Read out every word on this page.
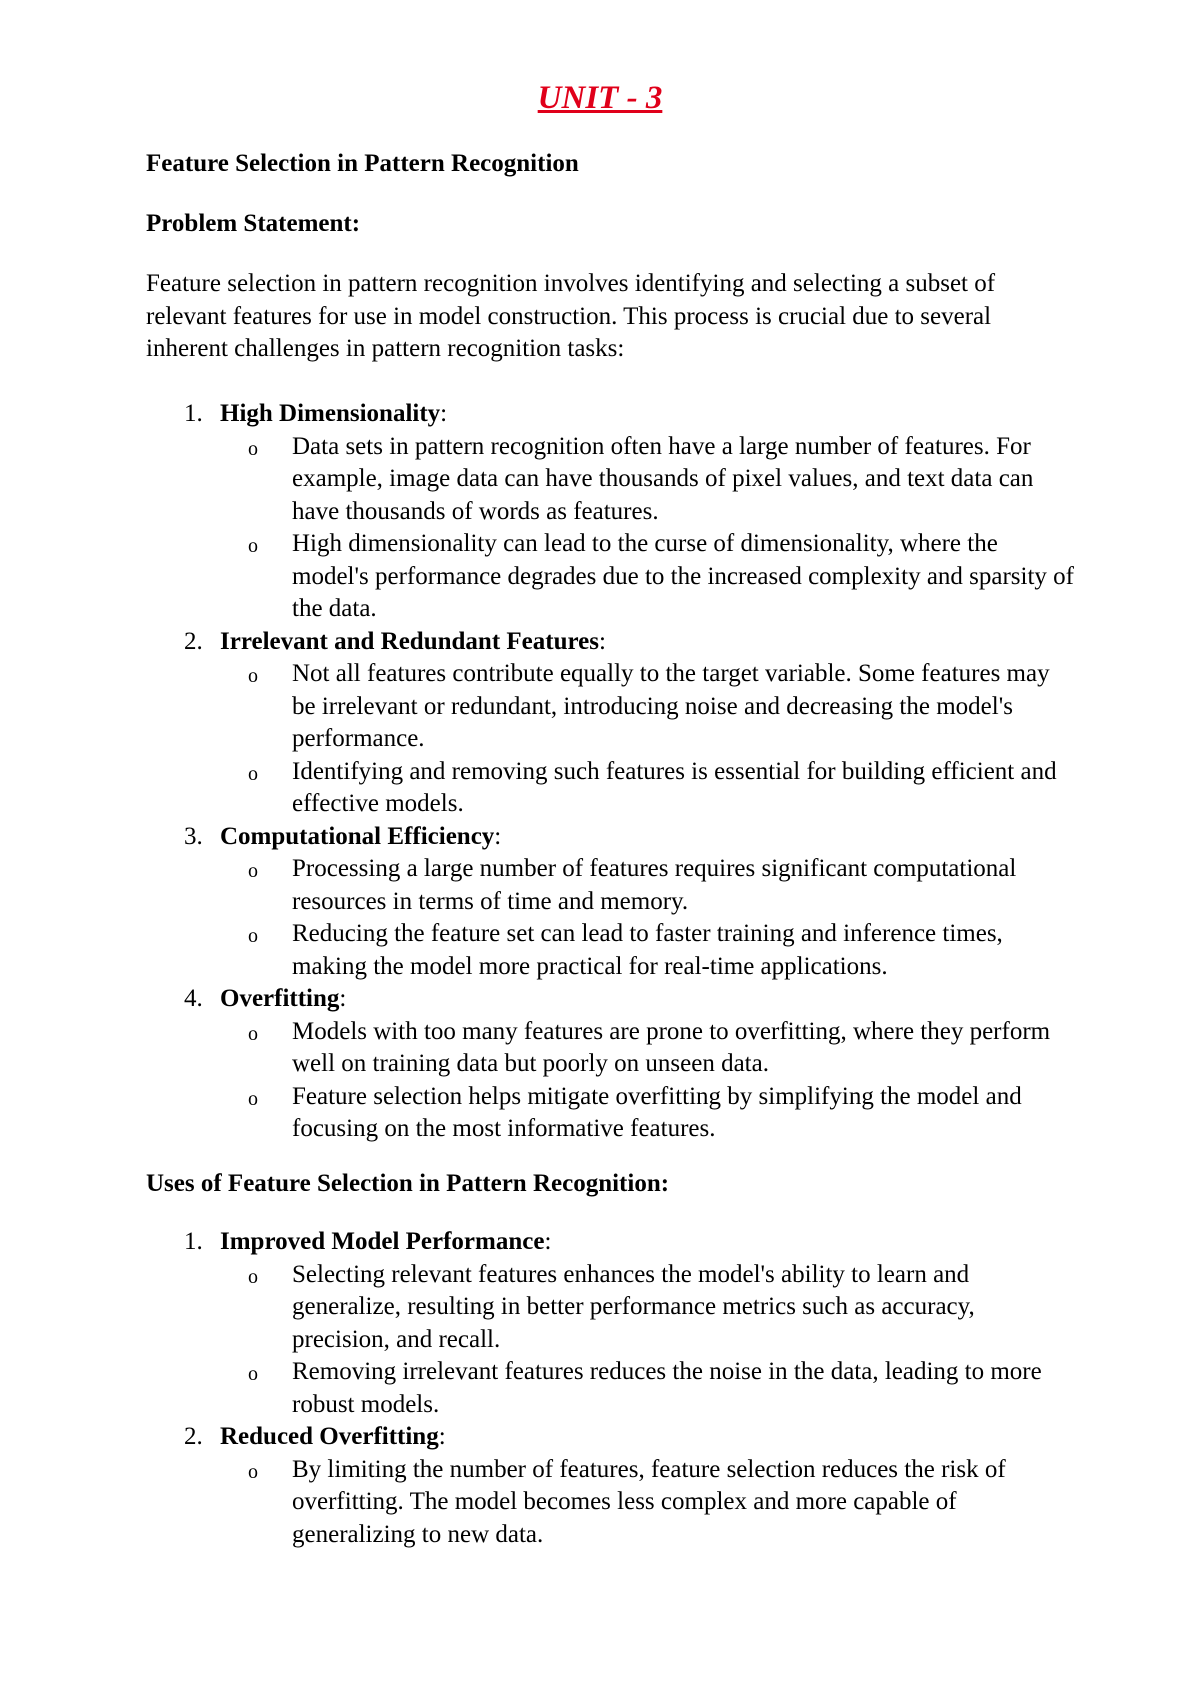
UNIT - 3
Feature Selection in Pattern Recognition
Problem Statement:
Feature selection in pattern recognition involves identifying and selecting a subset of relevant features for use in model construction. This process is crucial due to several inherent challenges in pattern recognition tasks:
1. High Dimensionality:
o Data sets in pattern recognition often have a large number of features. For example, image data can have thousands of pixel values, and text data can have thousands of words as features.
o High dimensionality can lead to the curse of dimensionality, where the model's performance degrades due to the increased complexity and sparsity of the data.
2. Irrelevant and Redundant Features:
o Not all features contribute equally to the target variable. Some features may be irrelevant or redundant, introducing noise and decreasing the model's performance.
o Identifying and removing such features is essential for building efficient and effective models.
3. Computational Efficiency:
o Processing a large number of features requires significant computational resources in terms of time and memory.
o Reducing the feature set can lead to faster training and inference times, making the model more practical for real-time applications.
4. Overfitting:
o Models with too many features are prone to overfitting, where they perform well on training data but poorly on unseen data.
o Feature selection helps mitigate overfitting by simplifying the model and focusing on the most informative features.
Uses of Feature Selection in Pattern Recognition:
1. Improved Model Performance:
o Selecting relevant features enhances the model's ability to learn and generalize, resulting in better performance metrics such as accuracy, precision, and recall.
o Removing irrelevant features reduces the noise in the data, leading to more robust models.
2. Reduced Overfitting:
o By limiting the number of features, feature selection reduces the risk of overfitting. The model becomes less complex and more capable of generalizing to new data.
